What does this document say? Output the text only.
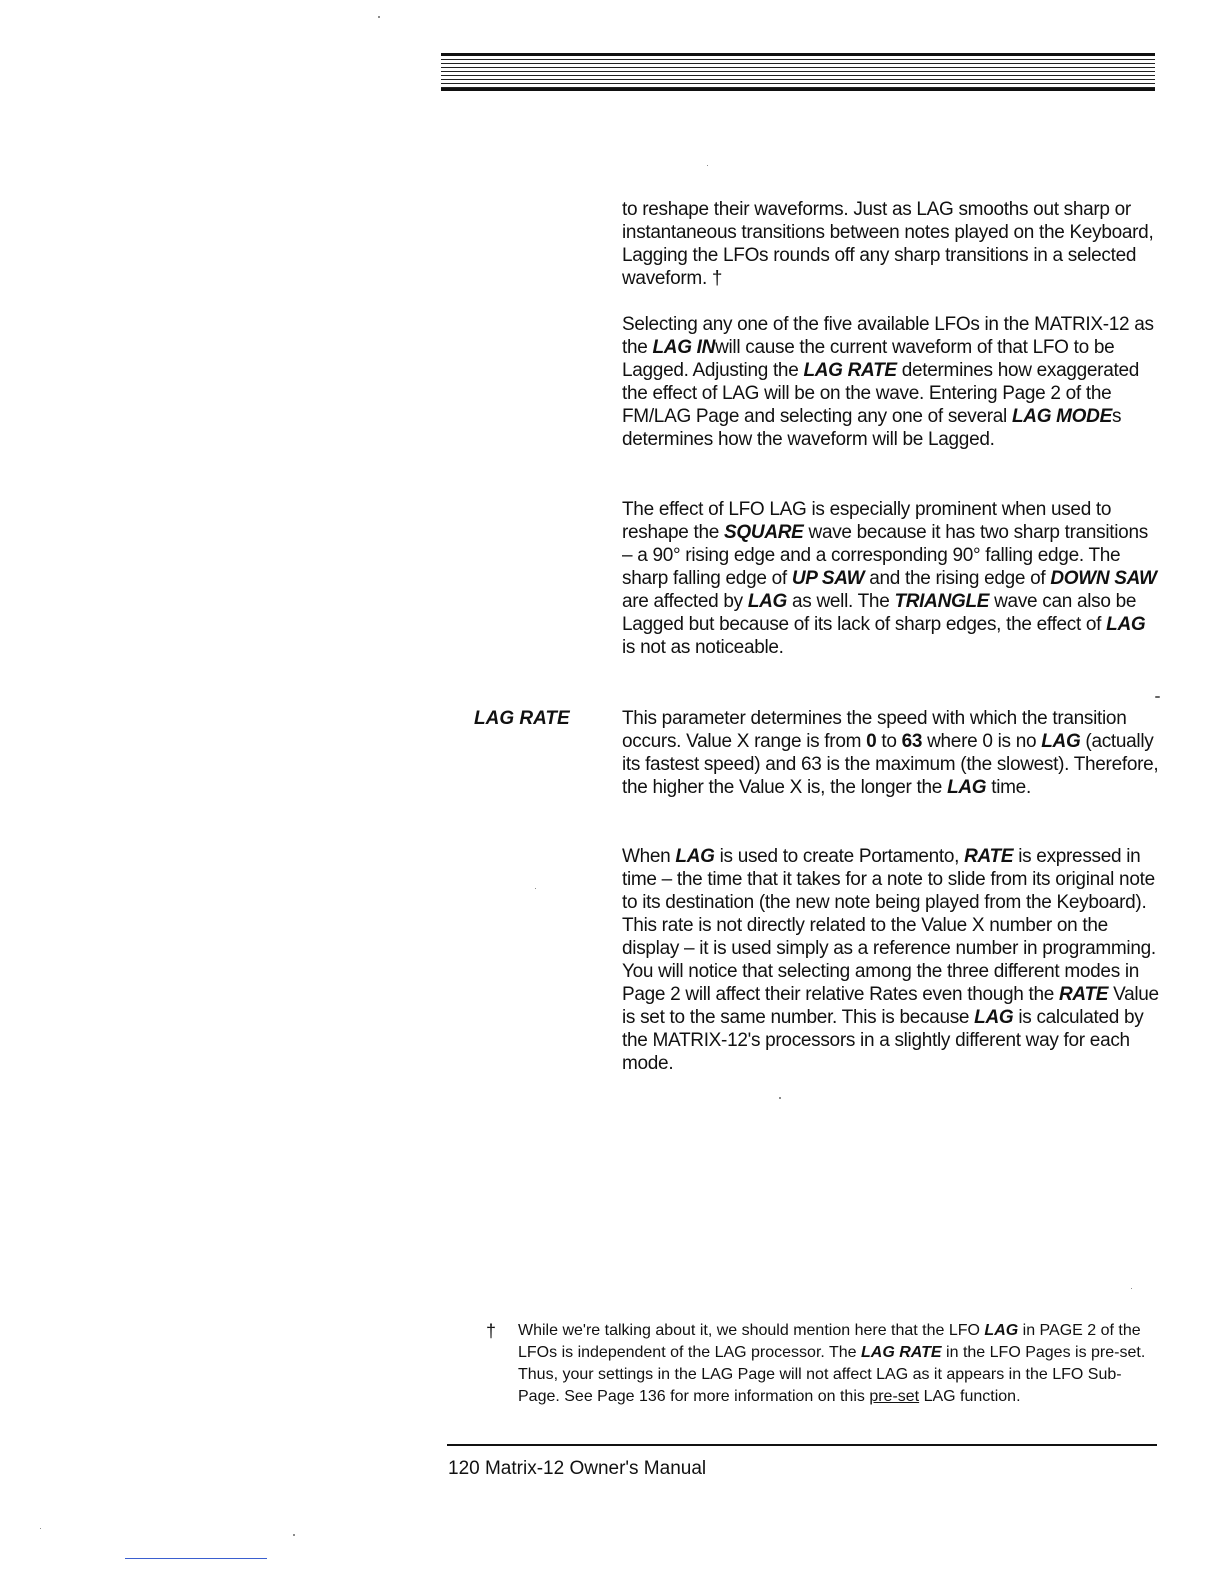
to reshape their waveforms. Just as LAG smooths out sharp or instantaneous transitions between notes played on the Keyboard, Lagging the LFOs rounds off any sharp transitions in a selected waveform. †

Selecting any one of the five available LFOs in the MATRIX-12 as the LAG INwill cause the current waveform of that LFO to be Lagged. Adjusting the LAG RATE determines how exaggerated the effect of LAG will be on the wave. Entering Page 2 of the FM/LAG Page and selecting any one of several LAG MODEs determines how the waveform will be Lagged.

The effect of LFO LAG is especially prominent when used to reshape the SQUARE wave because it has two sharp transitions – a 90° rising edge and a corresponding 90° falling edge. The sharp falling edge of UP SAW and the rising edge of DOWN SAW are affected by LAG as well. The TRIANGLE wave can also be Lagged but because of its lack of sharp edges, the effect of LAG is not as noticeable.

LAG RATE	This parameter determines the speed with which the transition occurs. Value X range is from 0 to 63 where 0 is no LAG (actually its fastest speed) and 63 is the maximum (the slowest). Therefore, the higher the Value X is, the longer the LAG time.

When LAG is used to create Portamento, RATE is expressed in time – the time that it takes for a note to slide from its original note to its destination (the new note being played from the Keyboard). This rate is not directly related to the Value X number on the display – it is used simply as a reference number in programming. You will notice that selecting among the three different modes in Page 2 will affect their relative Rates even though the RATE Value is set to the same number. This is because LAG is calculated by the MATRIX-12's processors in a slightly different way for each mode.

† While we're talking about it, we should mention here that the LFO LAG in PAGE 2 of the LFOs is independent of the LAG processor. The LAG RATE in the LFO Pages is pre-set. Thus, your settings in the LAG Page will not affect LAG as it appears in the LFO Sub-Page. See Page 136 for more information on this pre-set LAG function.

120 Matrix-12 Owner's Manual
